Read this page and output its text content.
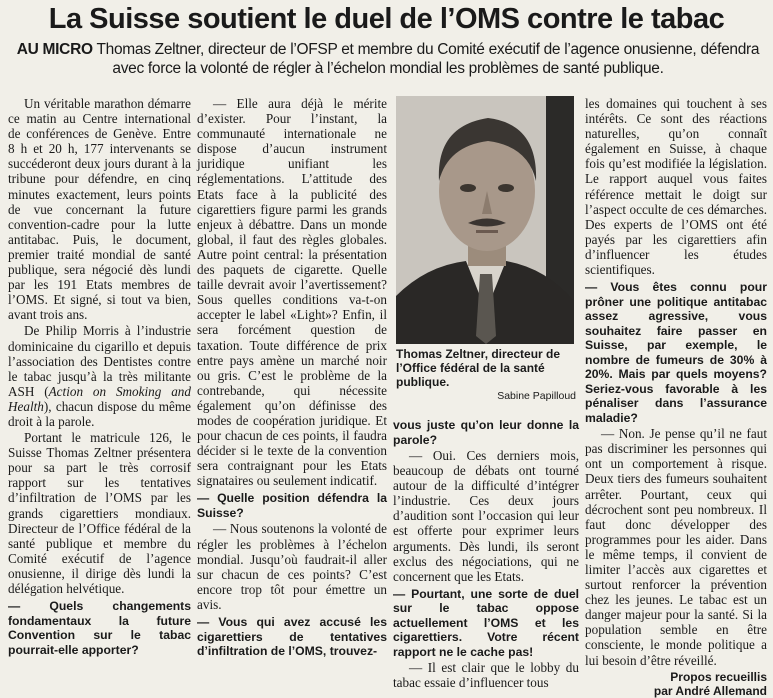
La Suisse soutient le duel de l’OMS contre le tabac
AU MICRO Thomas Zeltner, directeur de l’OFSP et membre du Comité exécutif de l’agence onusienne, défendra avec force la volonté de régler à l’échelon mondial les problèmes de santé publique.

Un véritable marathon démarre ce matin au Centre international de conférences de Genève. Entre 8 h et 20 h, 177 intervenants se succéderont deux jours durant à la tribune pour défendre, en cinq minutes exactement, leurs points de vue concernant la future convention-cadre pour la lutte antitabac. Puis, le document, premier traité mondial de santé publique, sera négocié dès lundi par les 191 Etats membres de l’OMS. Et signé, si tout va bien, avant trois ans.

De Philip Morris à l’industrie dominicaine du cigarillo et depuis l’association des Dentistes contre le tabac jusqu’à la très militante ASH (Action on Smoking and Health), chacun dispose du même droit à la parole.

Portant le matricule 126, le Suisse Thomas Zeltner présentera pour sa part le très corrosif rapport sur les tentatives d’infiltration de l’OMS par les grands cigarettiers mondiaux. Directeur de l’Office fédéral de la santé publique et membre du Comité exécutif de l’agence onusienne, il dirige dès lundi la délégation helvétique.

— Quels changements fondamentaux la future Convention sur le tabac pourrait-elle apporter?

— Elle aura déjà le mérite d’exister. Pour l’instant, la communauté internationale ne dispose d’aucun instrument juridique unifiant les réglementations. L’attitude des Etats face à la publicité des cigarettiers figure parmi les grands enjeux à débattre. Dans un monde global, il faut des règles globales. Autre point central: la présentation des paquets de cigarette. Quelle taille devrait avoir l’avertissement? Sous quelles conditions va-t-on accepter le label «Light»? Enfin, il sera forcément question de taxation. Toute différence de prix entre pays amène un marché noir ou gris. C’est le problème de la contrebande, qui nécessite également qu’on définisse des modes de coopération juridique. Et pour chacun de ces points, il faudra décider si le texte de la convention sera contraignant pour les Etats signataires ou seulement indicatif.

— Quelle position défendra la Suisse?

— Nous soutenons la volonté de régler les problèmes à l’échelon mondial. Jusqu’où faudrait-il aller sur chacun de ces points? C’est encore trop tôt pour émettre un avis.

— Vous qui avez accusé les cigarettiers de tentatives d’infiltration de l’OMS, trouvez-

Thomas Zeltner, directeur de l’Office fédéral de la santé publique.
Sabine Papilloud

vous juste qu’on leur donne la parole?

— Oui. Ces derniers mois, beaucoup de débats ont tourné autour de la difficulté d’intégrer l’industrie. Ces deux jours d’audition sont l’occasion qui leur est offerte pour exprimer leurs arguments. Dès lundi, ils seront exclus des négociations, qui ne concernent que les Etats.

— Pourtant, une sorte de duel sur le tabac oppose actuellement l’OMS et les cigarettiers. Votre récent rapport ne le cache pas!

— Il est clair que le lobby du tabac essaie d’influencer tous

les domaines qui touchent à ses intérêts. Ce sont des réactions naturelles, qu’on connaît également en Suisse, à chaque fois qu’est modifiée la législation. Le rapport auquel vous faites référence mettait le doigt sur l’aspect occulte de ces démarches. Des experts de l’OMS ont été payés par les cigarettiers afin d’influencer les études scientifiques.

— Vous êtes connu pour prôner une politique antitabac assez agressive, vous souhaitez faire passer en Suisse, par exemple, le nombre de fumeurs de 30% à 20%. Mais par quels moyens? Seriez-vous favorable à les pénaliser dans l’assurance maladie?

— Non. Je pense qu’il ne faut pas discriminer les personnes qui ont un comportement à risque. Deux tiers des fumeurs souhaitent arrêter. Pourtant, ceux qui décrochent sont peu nombreux. Il faut donc développer des programmes pour les aider. Dans le même temps, il convient de limiter l’accès aux cigarettes et surtout renforcer la prévention chez les jeunes. Le tabac est un danger majeur pour la santé. Si la population semble en être consciente, le monde politique a lui besoin d’être réveillé.

Propos recueillis
par André Allemand
